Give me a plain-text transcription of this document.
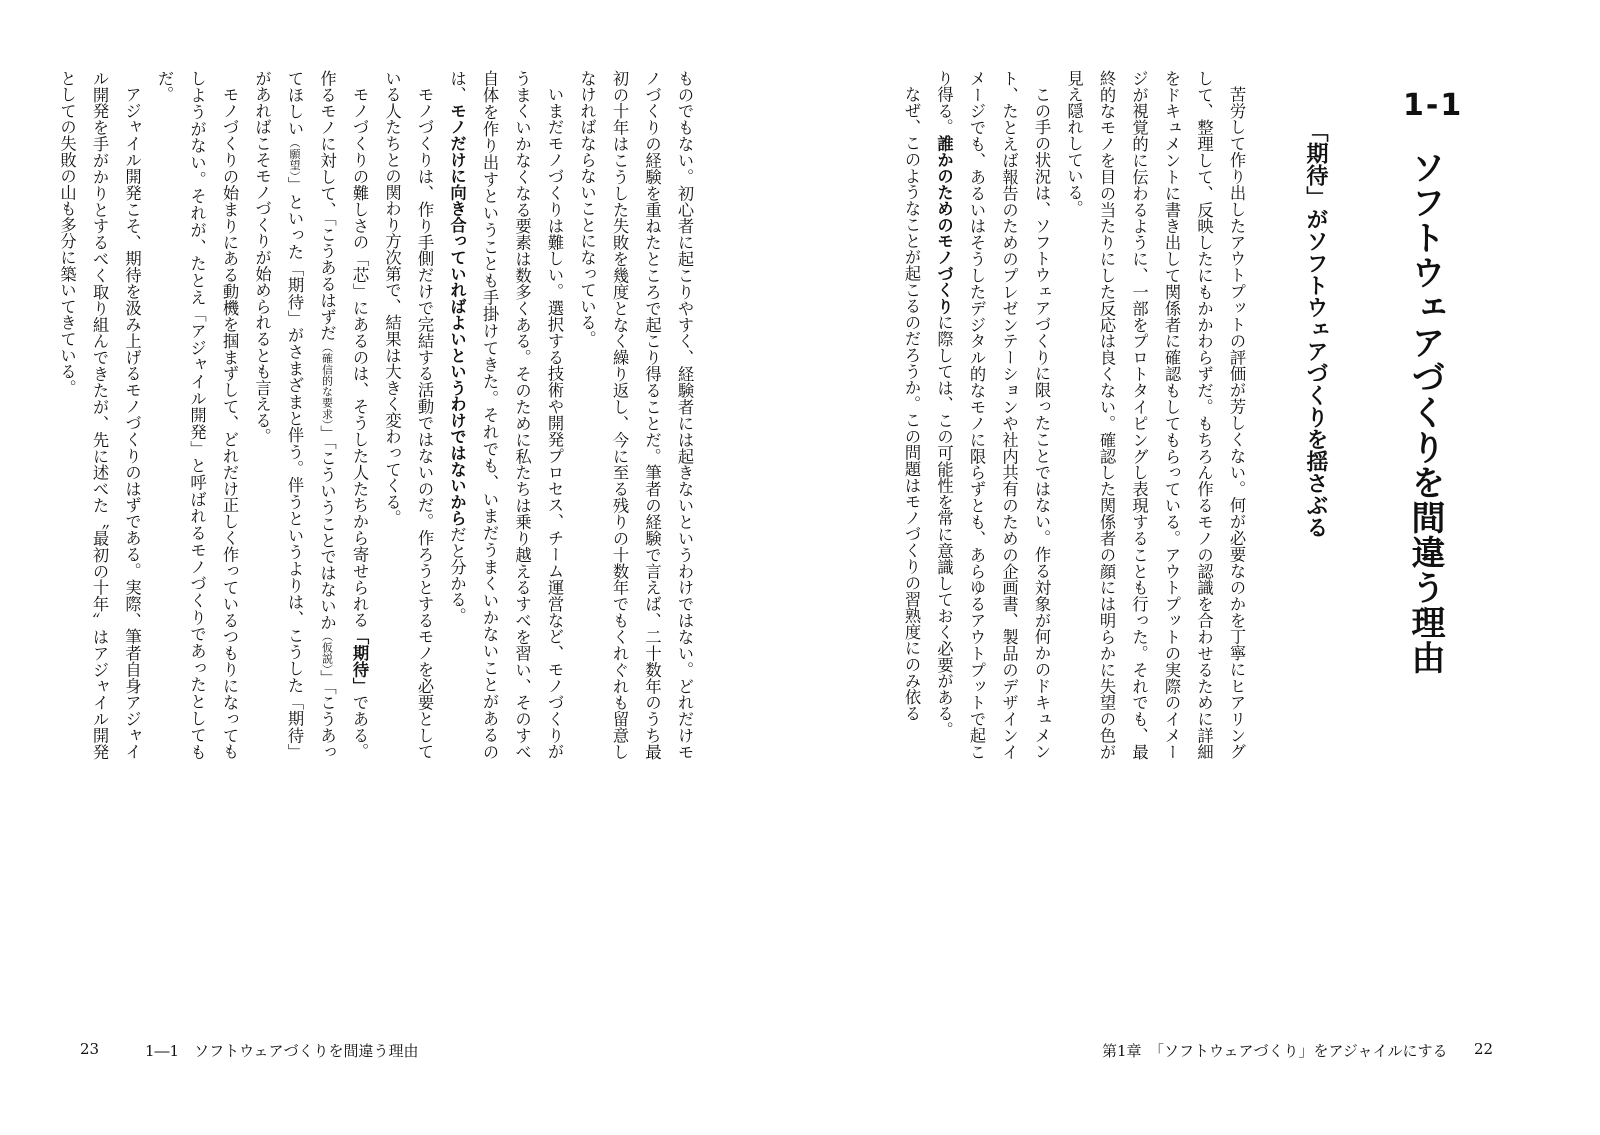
1-1
ソフトウェアづくりを間違う理由
「期待」がソフトウェアづくりを揺さぶる

苦労して作り出したアウトプットの評価が芳しくない。何が必要なのかを丁寧にヒアリングして、整理して、反映したにもかかわらずだ。もちろん作るモノの認識を合わせるために詳細をドキュメントに書き出して関係者に確認もしてもらっている。アウトプットの実際のイメージが視覚的に伝わるように、一部をプロトタイピングし表現することも行った。それでも、最終的なモノを目の当たりにした反応は良くない。確認した関係者の顔には明らかに失望の色が見え隠れしている。

この手の状況は、ソフトウェアづくりに限ったことではない。作る対象が何かのドキュメント、たとえば報告のためのプレゼンテーションや社内共有のための企画書、製品のデザインイメージでも、あるいはそうしたデジタル的なモノに限らずとも、あらゆるアウトプットで起こり得る。誰かのためのモノづくりに際しては、この可能性を常に意識しておく必要がある。

なぜ、このようなことが起こるのだろうか。この問題はモノづくりの習熟度にのみ依る

第1章　「ソフトウェアづくり」をアジャイルにする 22

ものでもない。初心者に起こりやすく、経験者には起きないというわけではない。どれだけモノづくりの経験を重ねたところで起こり得ることだ。筆者の経験で言えば、二十数年のうち最初の十年はこうした失敗を幾度となく繰り返し、今に至る残りの十数年でもくれぐれも留意しなければならないことになっている。

いまだモノづくりは難しい。選択する技術や開発プロセス、チーム運営など、モノづくりがうまくいかなくなる要素は数多くある。そのために私たちは乗り越えるすべを習い、そのすべ自体を作り出すということも手掛けてきた。それでも、いまだうまくいかないことがあるのは、モノだけに向き合っていればよいというわけではないからだと分かる。

モノづくりは、作り手側だけで完結する活動ではないのだ。作ろうとするモノを必要としている人たちとの関わり方次第で、結果は大きく変わってくる。

モノづくりの難しさの「芯」にあるのは、そうした人たちから寄せられる「期待」である。作るモノに対して、「こうあるはずだ（確信的な要求）」「こういうことではないか（仮説）」「こうあってほしい（願望）」といった「期待」がさまざまと伴う。伴うというよりは、こうした「期待」があればこそモノづくりが始められるとも言える。

モノづくりの始まりにある動機を掴まずして、どれだけ正しく作っているつもりになってもしようがない。それが、たとえ「アジャイル開発」と呼ばれるモノづくりであったとしてもだ。

アジャイル開発こそ、期待を汲み上げるモノづくりのはずである。実際、筆者自身アジャイル開発を手がかりとするべく取り組んできたが、先に述べた〝最初の十年〟はアジャイル開発としての失敗の山も多分に築いてきている。

23	1―1　ソフトウェアづくりを間違う理由
